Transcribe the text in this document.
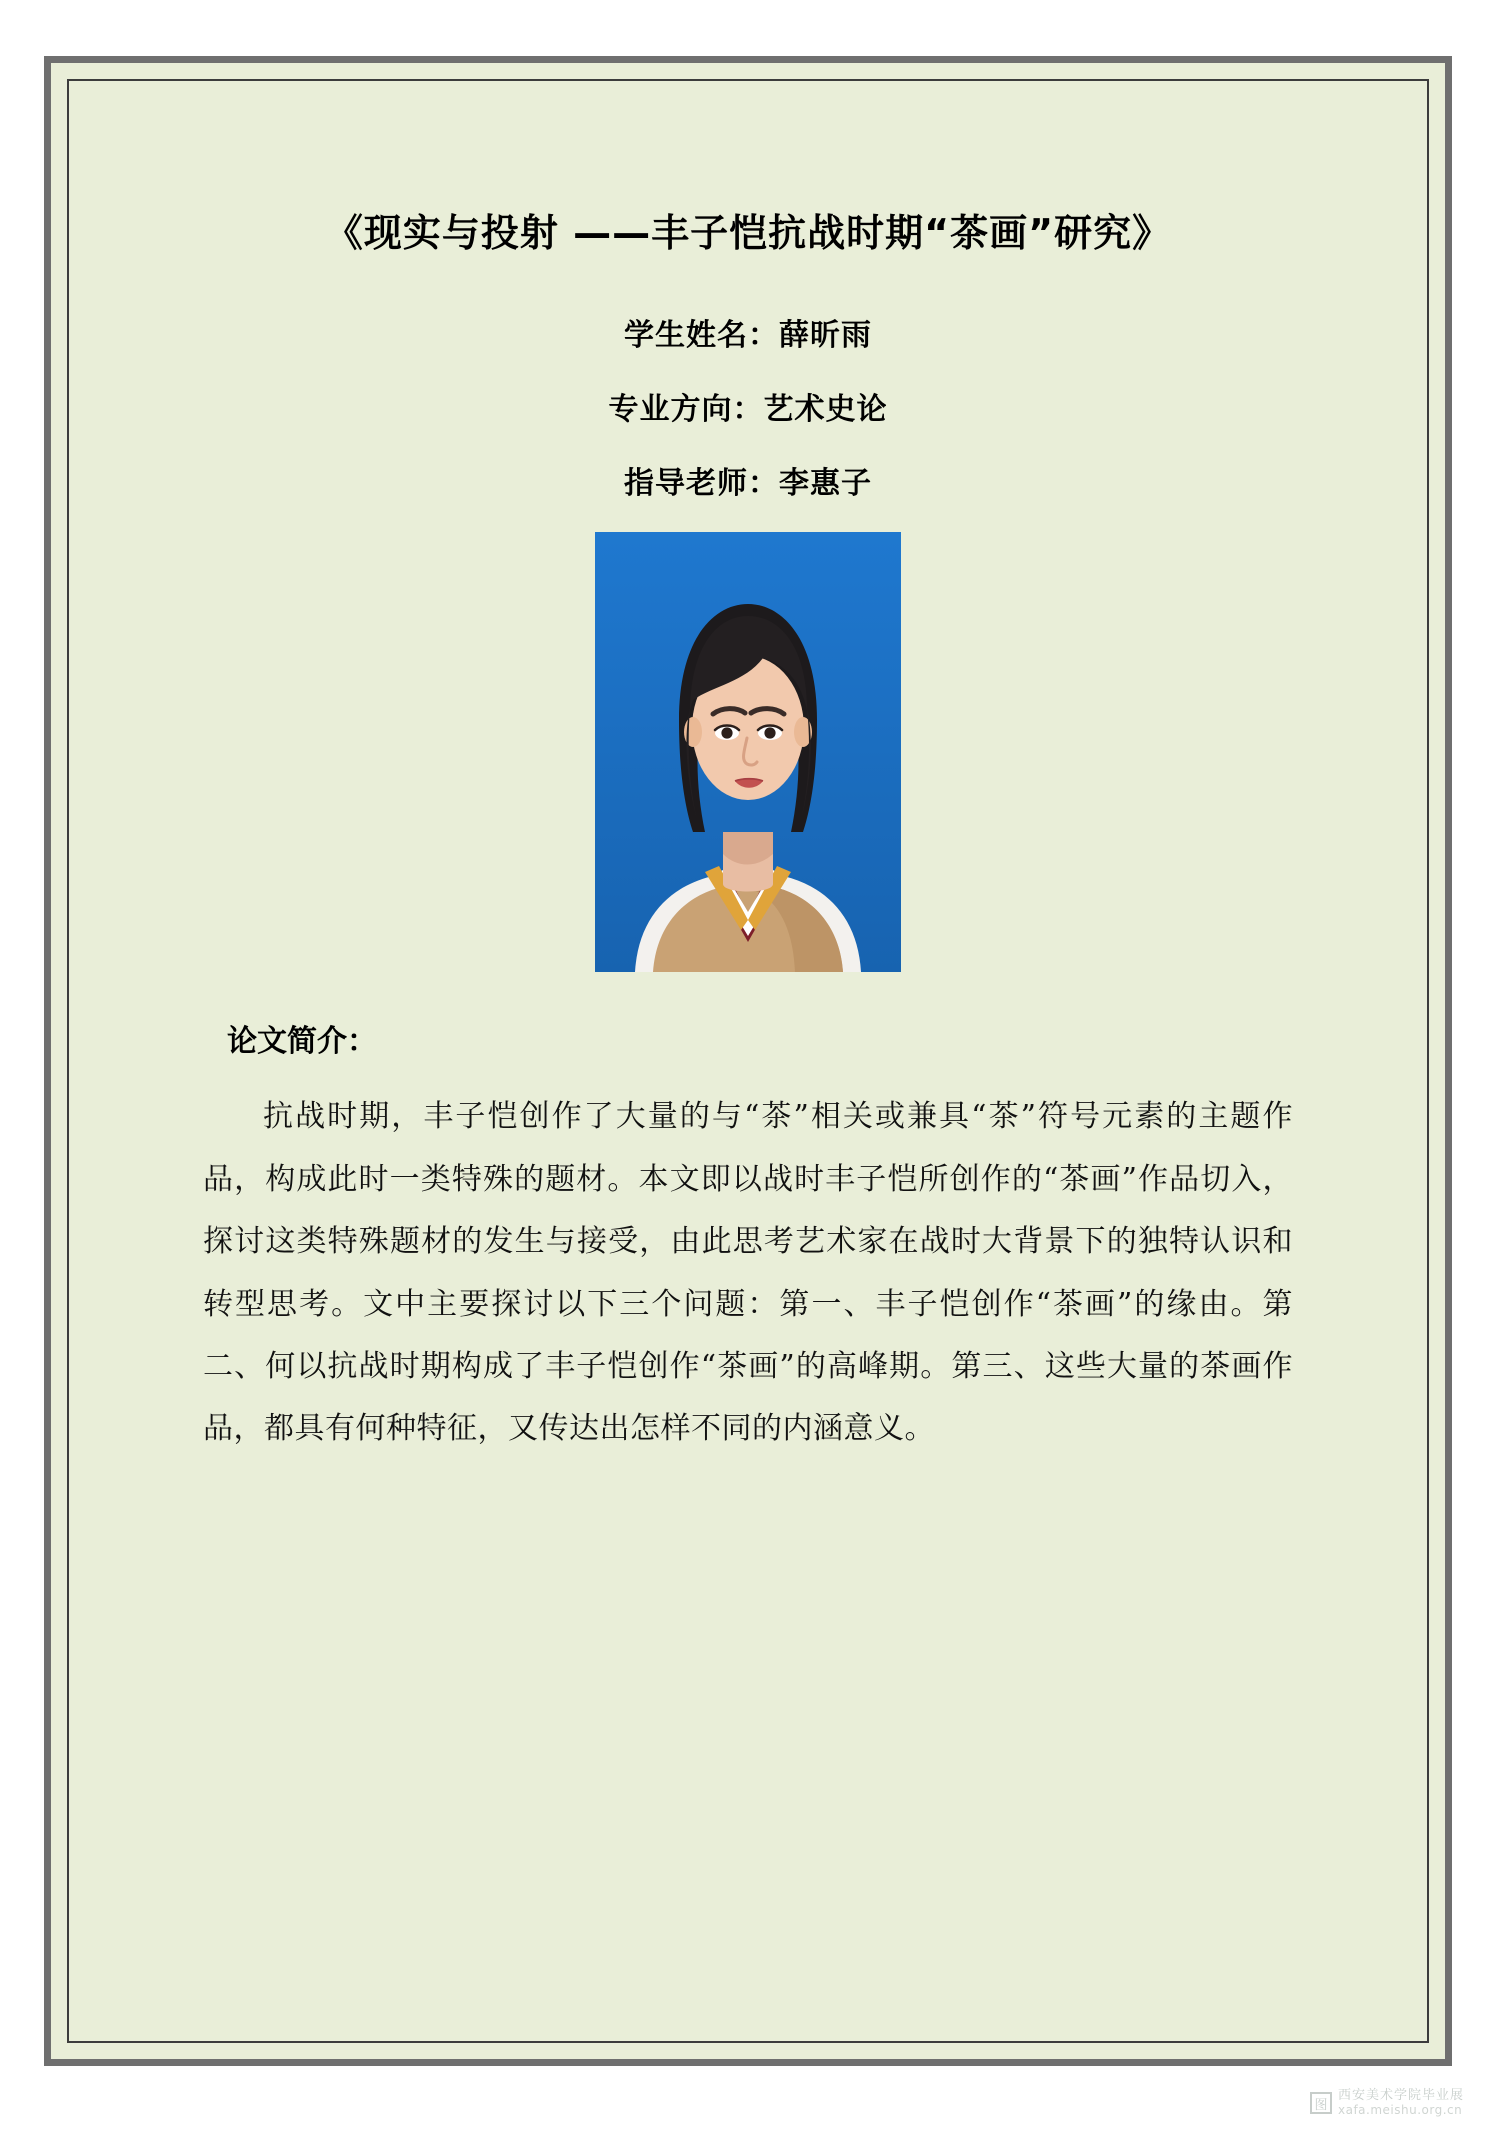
《现实与投射 ——丰子恺抗战时期“茶画”研究》

学生姓名：薛昕雨

专业方向：艺术史论

指导老师：李惠子

论文简介：

抗战时期，丰子恺创作了大量的与“茶”相关或兼具“茶”符号元素的主题作品，构成此时一类特殊的题材。本文即以战时丰子恺所创作的“茶画”作品切入，探讨这类特殊题材的发生与接受，由此思考艺术家在战时大背景下的独特认识和转型思考。文中主要探讨以下三个问题：第一、丰子恺创作“茶画”的缘由。第二、何以抗战时期构成了丰子恺创作“茶画”的高峰期。第三、这些大量的茶画作品，都具有何种特征，又传达出怎样不同的内涵意义。

图
西安美术学院毕业展
xafa.meishu.org.cn
